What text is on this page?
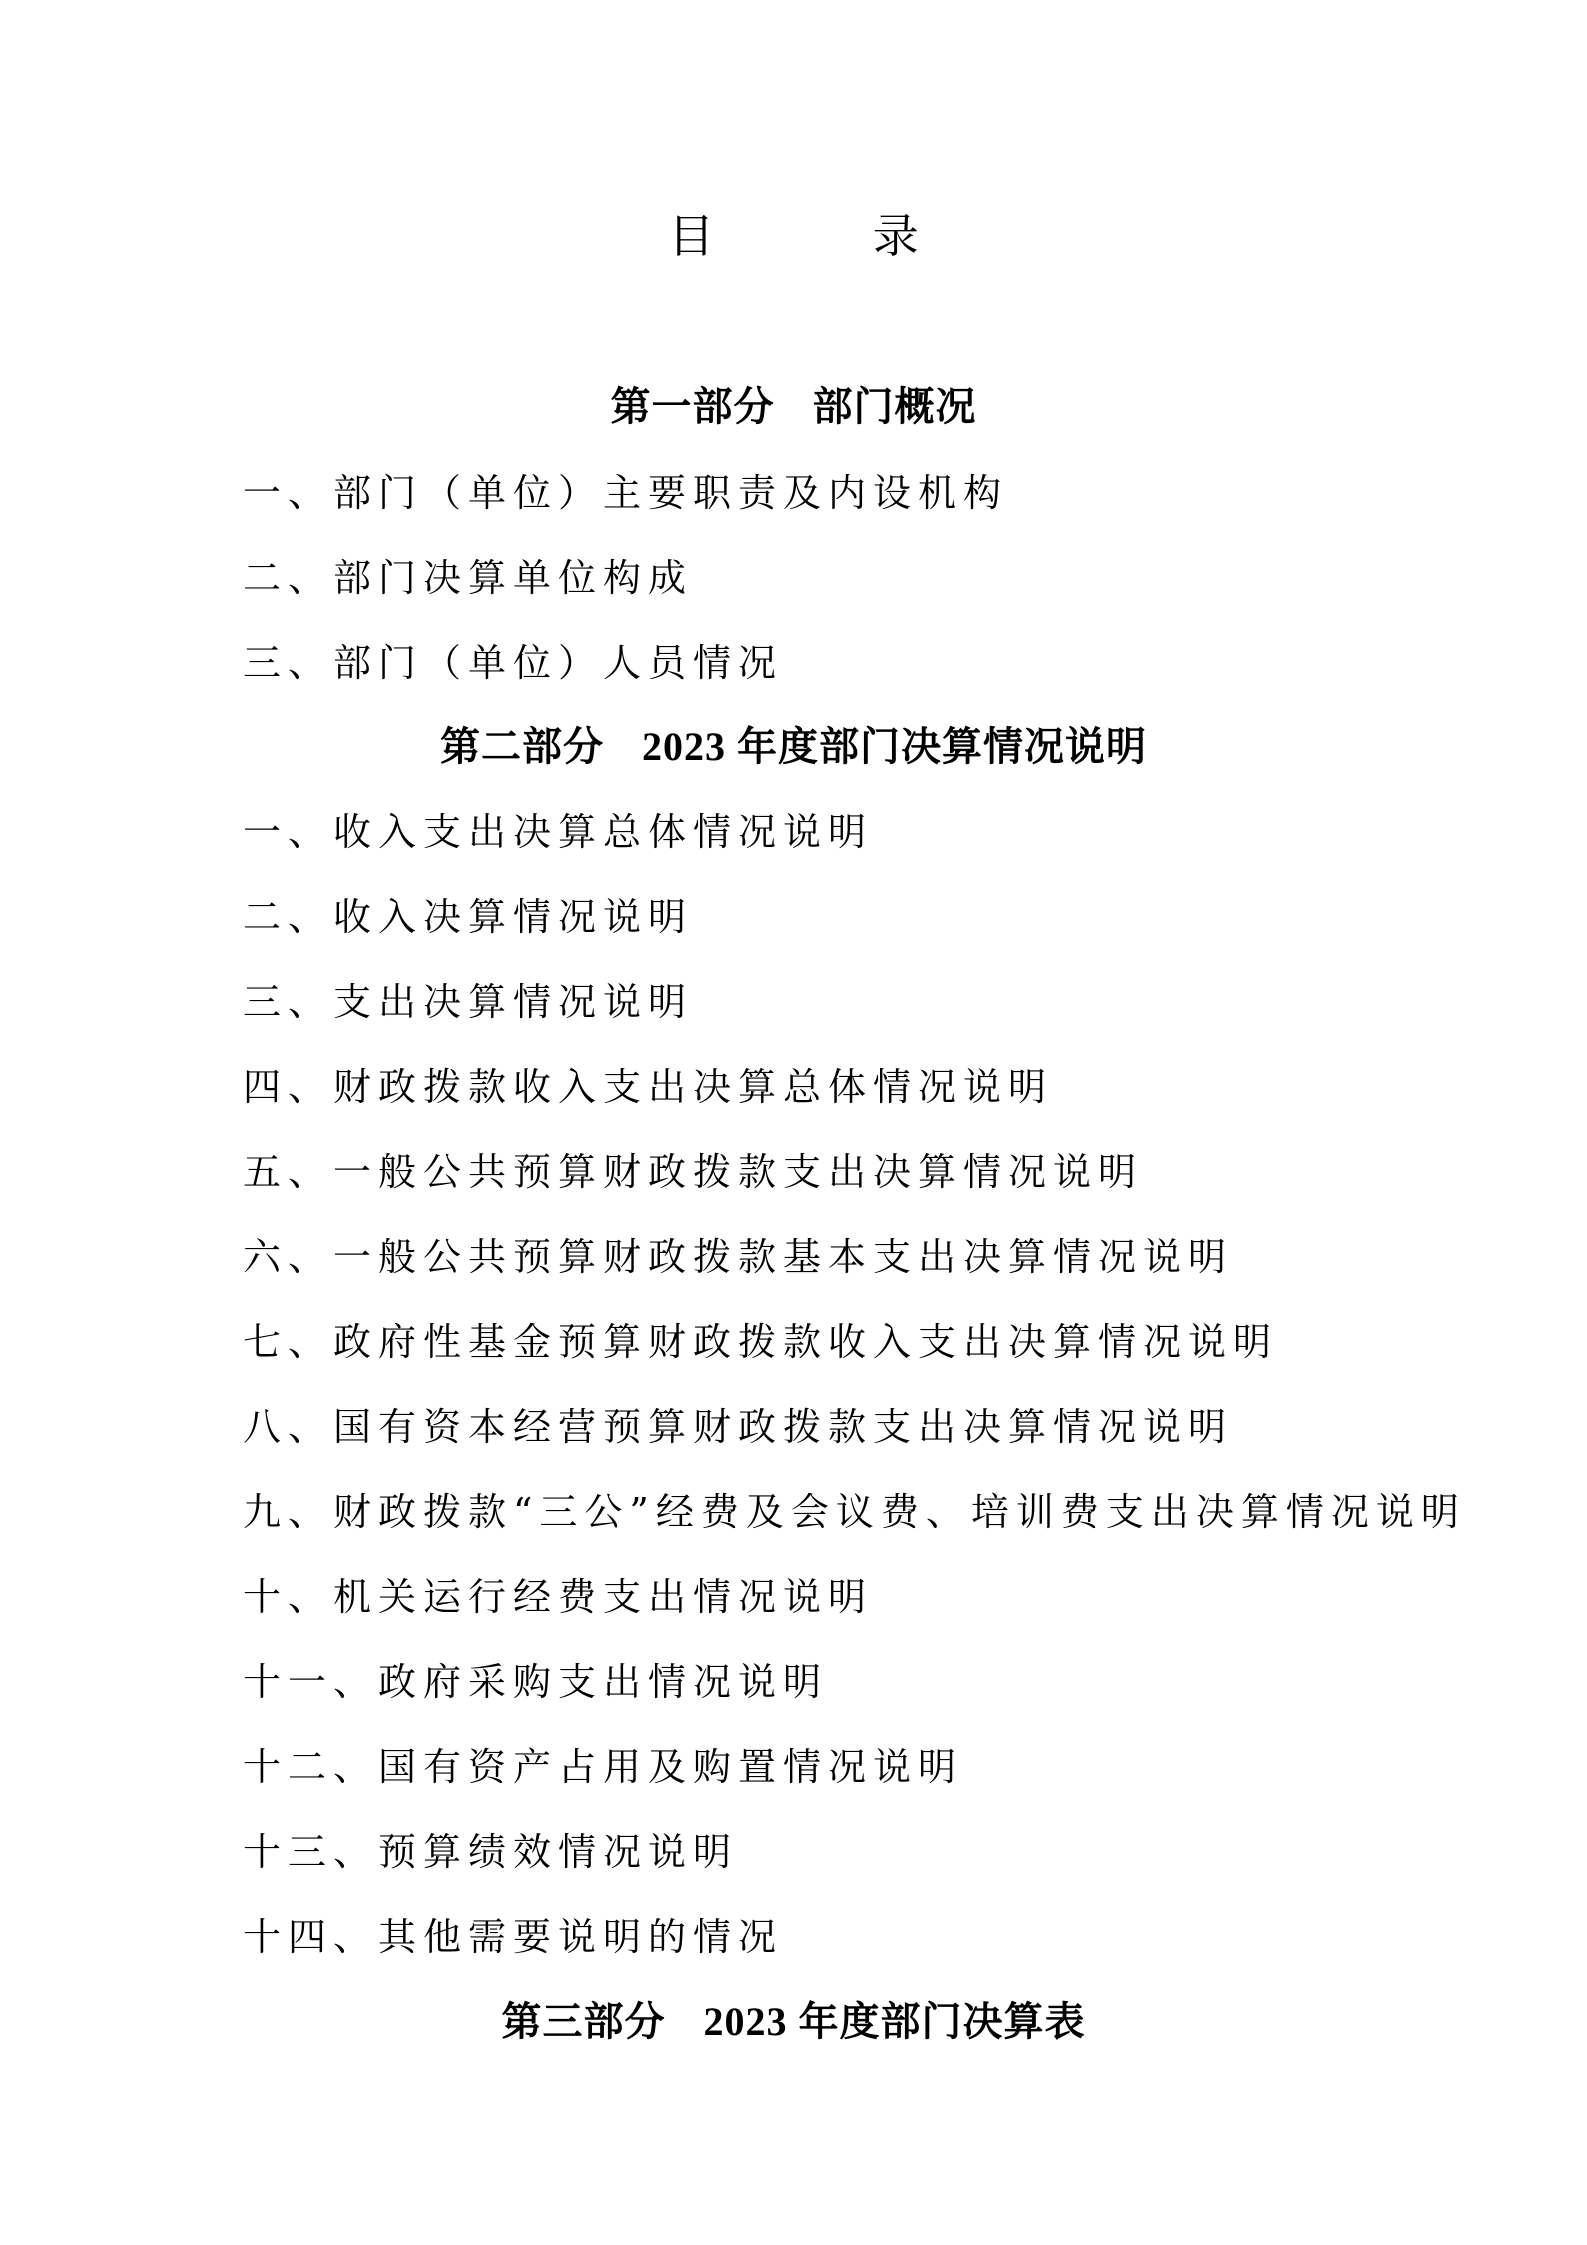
目 录
第一部分 部门概况
一、部门（单位）主要职责及内设机构
二、部门决算单位构成
三、部门（单位）人员情况
第二部分 2023 年度部门决算情况说明
一、收入支出决算总体情况说明
二、收入决算情况说明
三、支出决算情况说明
四、财政拨款收入支出决算总体情况说明
五、一般公共预算财政拨款支出决算情况说明
六、一般公共预算财政拨款基本支出决算情况说明
七、政府性基金预算财政拨款收入支出决算情况说明
八、国有资本经营预算财政拨款支出决算情况说明
九、财政拨款“三公”经费及会议费、培训费支出决算情况说明
十、机关运行经费支出情况说明
十一、政府采购支出情况说明
十二、国有资产占用及购置情况说明
十三、预算绩效情况说明
十四、其他需要说明的情况
第三部分 2023 年度部门决算表
